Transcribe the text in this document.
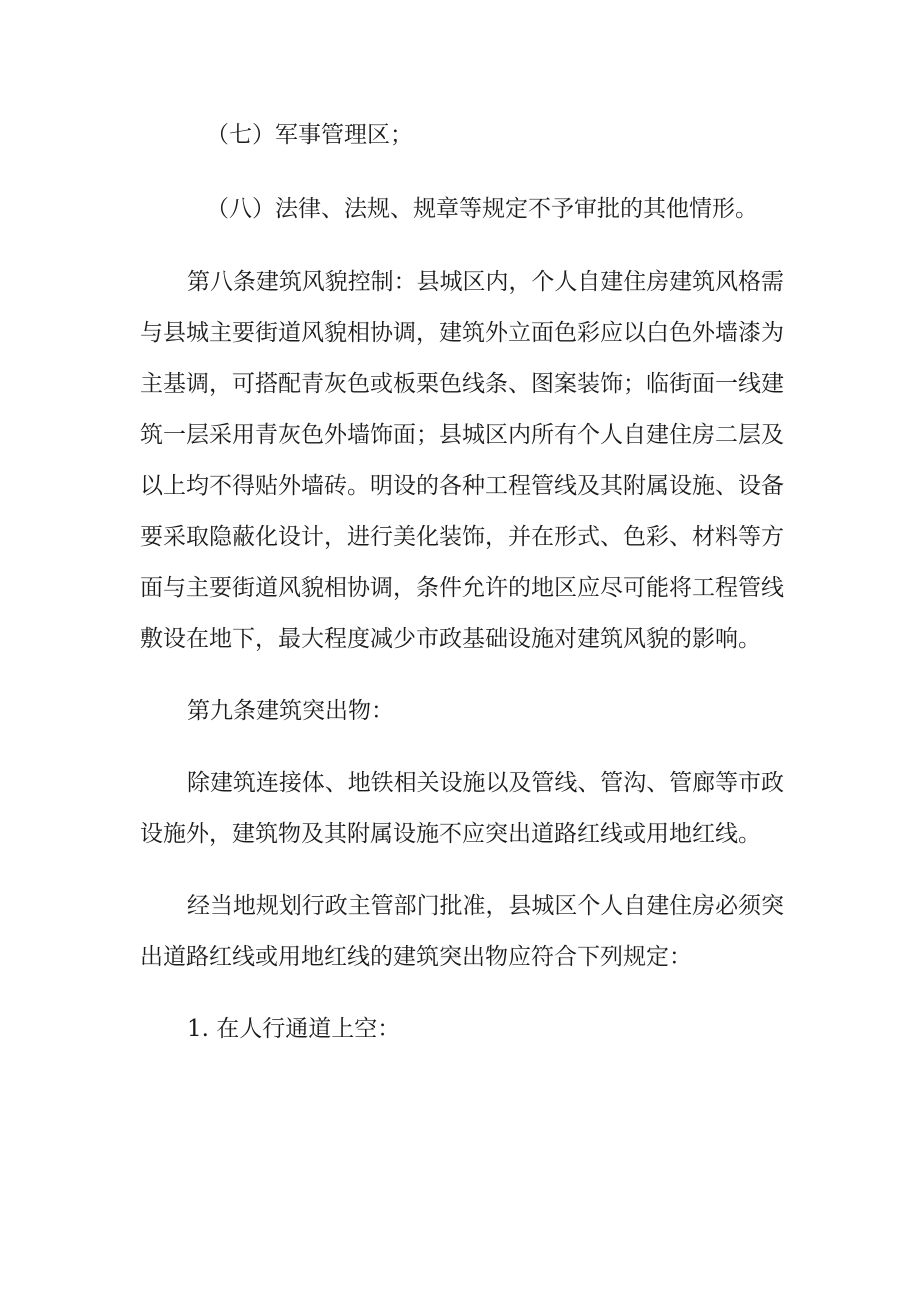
（七）军事管理区；

（八）法律、法规、规章等规定不予审批的其他情形。

第八条建筑风貌控制：县城区内，个人自建住房建筑风格需

与县城主要街道风貌相协调，建筑外立面色彩应以白色外墙漆为

主基调，可搭配青灰色或板栗色线条、图案装饰；临街面一线建

筑一层采用青灰色外墙饰面；县城区内所有个人自建住房二层及

以上均不得贴外墙砖。明设的各种工程管线及其附属设施、设备

要采取隐蔽化设计，进行美化装饰，并在形式、色彩、材料等方

面与主要街道风貌相协调，条件允许的地区应尽可能将工程管线

敷设在地下，最大程度减少市政基础设施对建筑风貌的影响。

第九条建筑突出物：

除建筑连接体、地铁相关设施以及管线、管沟、管廊等市政

设施外，建筑物及其附属设施不应突出道路红线或用地红线。

经当地规划行政主管部门批准，县城区个人自建住房必须突

出道路红线或用地红线的建筑突出物应符合下列规定：

1. 在人行通道上空：
